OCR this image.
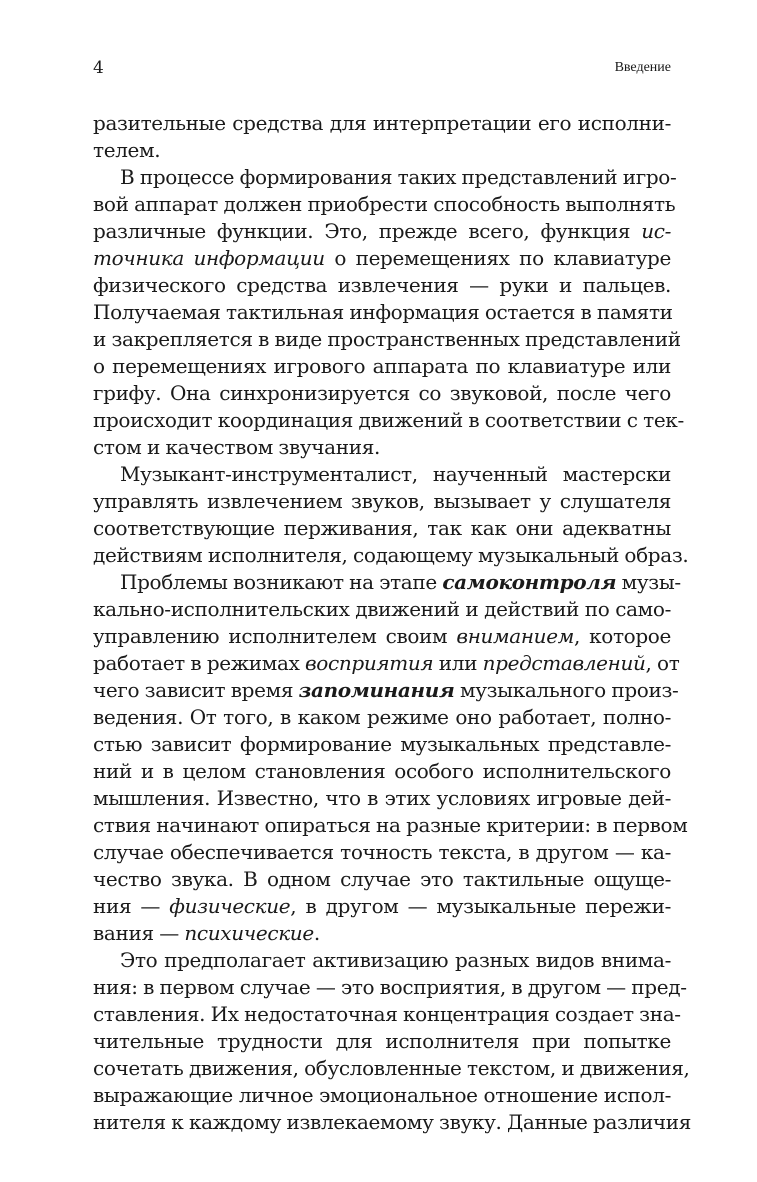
4	Введение
разительные средства для интерпретации его исполни-
телем.
В процессе формирования таких представлений игро-
вой аппарат должен приобрести способность выполнять
различные функции. Это, прежде всего, функция ис-
точника информации о перемещениях по клавиатуре
физического средства извлечения — руки и пальцев.
Получаемая тактильная информация остается в памяти
и закрепляется в виде пространственных представлений
о перемещениях игрового аппарата по клавиатуре или
грифу. Она синхронизируется со звуковой, после чего
происходит координация движений в соответствии с тек-
стом и качеством звучания.
Музыкант-инструменталист, наученный мастерски
управлять извлечением звуков, вызывает у слушателя
соответствующие перживания, так как они адекватны
действиям исполнителя, содающему музыкальный образ.
Проблемы возникают на этапе самоконтроля музы-
кально-исполнительских движений и действий по само-
управлению исполнителем своим вниманием, которое
работает в режимах восприятия или представлений, от
чего зависит время запоминания музыкального произ-
ведения. От того, в каком режиме оно работает, полно-
стью зависит формирование музыкальных представле-
ний и в целом становления особого исполнительского
мышления. Известно, что в этих условиях игровые дей-
ствия начинают опираться на разные критерии: в первом
случае обеспечивается точность текста, в другом — ка-
чество звука. В одном случае это тактильные ощуще-
ния — физические, в другом — музыкальные пережи-
вания — психические.
Это предполагает активизацию разных видов внима-
ния: в первом случае — это восприятия, в другом — пред-
ставления. Их недостаточная концентрация создает зна-
чительные трудности для исполнителя при попытке
сочетать движения, обусловленные текстом, и движения,
выражающие личное эмоциональное отношение испол-
нителя к каждому извлекаемому звуку. Данные различия
